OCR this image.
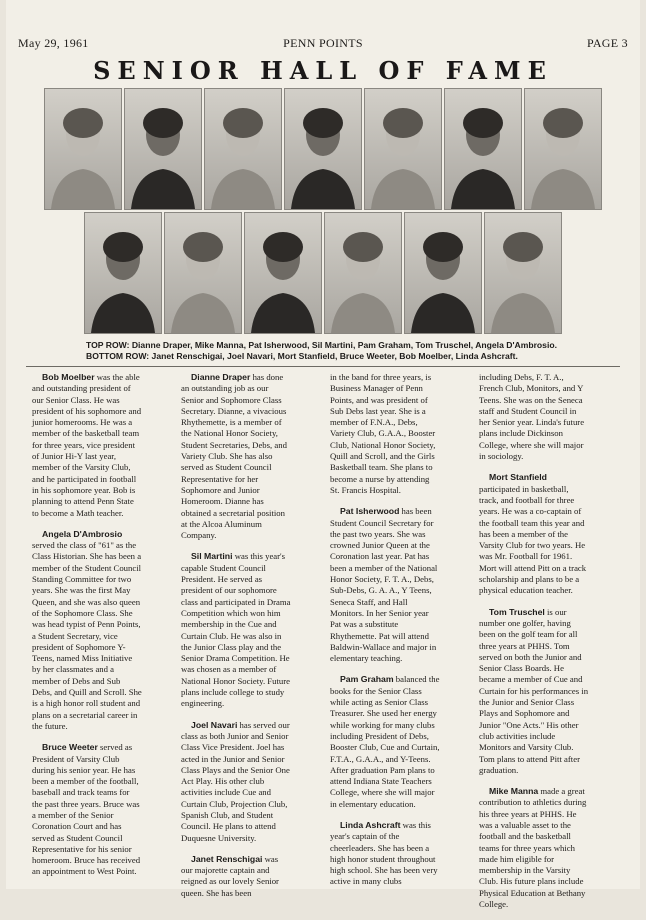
May 29, 1961	PENN POINTS	PAGE 3
SENIOR HALL OF FAME
TOP ROW: Dianne Draper, Mike Manna, Pat Isherwood, Sil Martini, Pam Graham, Tom Truschel, Angela D'Ambrosio.
BOTTOM ROW: Janet Renschigai, Joel Navari, Mort Stanfield, Bruce Weeter, Bob Moelber, Linda Ashcraft.

Bob Moelber was the able and outstanding president of our Senior Class. He was president of his sophomore and junior homerooms. He was a member of the basketball team for three years, vice president of Junior Hi-Y last year, member of the Varsity Club, and he participated in football in his sophomore year. Bob is planning to attend Penn State to become a Math teacher.

Angela D'Ambrosio served the class of "61" as the Class Historian. She has been a member of the Student Council Standing Committee for two years. She was the first May Queen, and she was also queen of the Sophomore Class. She was head typist of Penn Points, a Student Secretary, vice president of Sophomore Y-Teens, named Miss Initiative by her classmates and a member of Debs and Sub Debs, and Quill and Scroll. She is a high honor roll student and plans on a secretarial career in the future.

Bruce Weeter served as President of Varsity Club during his senior year. He has been a member of the football, baseball and track teams for the past three years. Bruce was a member of the Senior Coronation Court and has served as Student Council Representative for his senior homeroom. Bruce has received an appointment to West Point.

Dianne Draper has done an outstanding job as our Senior and Sophomore Class Secretary. Dianne, a vivacious Rhythemette, is a member of the National Honor Society, Student Secretaries, Debs, and Variety Club. She has also served as Student Council Representative for her Sophomore and Junior Homeroom. Dianne has obtained a secretarial position at the Alcoa Aluminum Company.

Sil Martini was this year's capable Student Council President. He served as president of our sophomore class and participated in Drama Competition which won him membership in the Cue and Curtain Club. He was also in the Junior Class play and the Senior Drama Competition. He was chosen as a member of National Honor Society. Future plans include college to study engineering.

Joel Navari has served our class as both Junior and Senior Class Vice President. Joel has acted in the Junior and Senior Class Plays and the Senior One Act Play. His other club activities include Cue and Curtain Club, Projection Club, Spanish Club, and Student Council. He plans to attend Duquesne University.

Janet Renschigai was our majorette captain and reigned as our lovely Senior queen. She has been

in the band for three years, is Business Manager of Penn Points, and was president of Sub Debs last year. She is a member of F.N.A., Debs, Variety Club, G.A.A., Booster Club, National Honor Society, Quill and Scroll, and the Girls Basketball team. She plans to become a nurse by attending St. Francis Hospital.

Pat Isherwood has been Student Council Secretary for the past two years. She was crowned Junior Queen at the Coronation last year. Pat has been a member of the National Honor Society, F. T. A., Debs, Sub-Debs, G. A. A., Y Teens, Seneca Staff, and Hall Monitors. In her Senior year Pat was a substitute Rhythemette. Pat will attend Baldwin-Wallace and major in elementary teaching.

Pam Graham balanced the books for the Senior Class while acting as Senior Class Treasurer. She used her energy while working for many clubs including President of Debs, Booster Club, Cue and Curtain, F.T.A., G.A.A., and Y-Teens. After graduation Pam plans to attend Indiana State Teachers College, where she will major in elementary education.

Linda Ashcraft was this year's captain of the cheerleaders. She has been a high honor student throughout high school. She has been very active in many clubs

including Debs, F. T. A., French Club, Monitors, and Y Teens. She was on the Seneca staff and Student Council in her Senior year. Linda's future plans include Dickinson College, where she will major in sociology.

Mort Stanfield participated in basketball, track, and football for three years. He was a co-captain of the football team this year and has been a member of the Varsity Club for two years. He was Mr. Football for 1961. Mort will attend Pitt on a track scholarship and plans to be a physical education teacher.

Tom Truschel is our number one golfer, having been on the golf team for all three years at PHHS. Tom served on both the Junior and Senior Class Boards. He became a member of Cue and Curtain for his performances in the Junior and Senior Class Plays and Sophomore and Junior "One Acts." His other club activities include Monitors and Varsity Club. Tom plans to attend Pitt after graduation.

Mike Manna made a great contribution to athletics during his three years at PHHS. He was a valuable asset to the football and the basketball teams for three years which made him eligible for membership in the Varsity Club. His future plans include Physical Education at Bethany College.
